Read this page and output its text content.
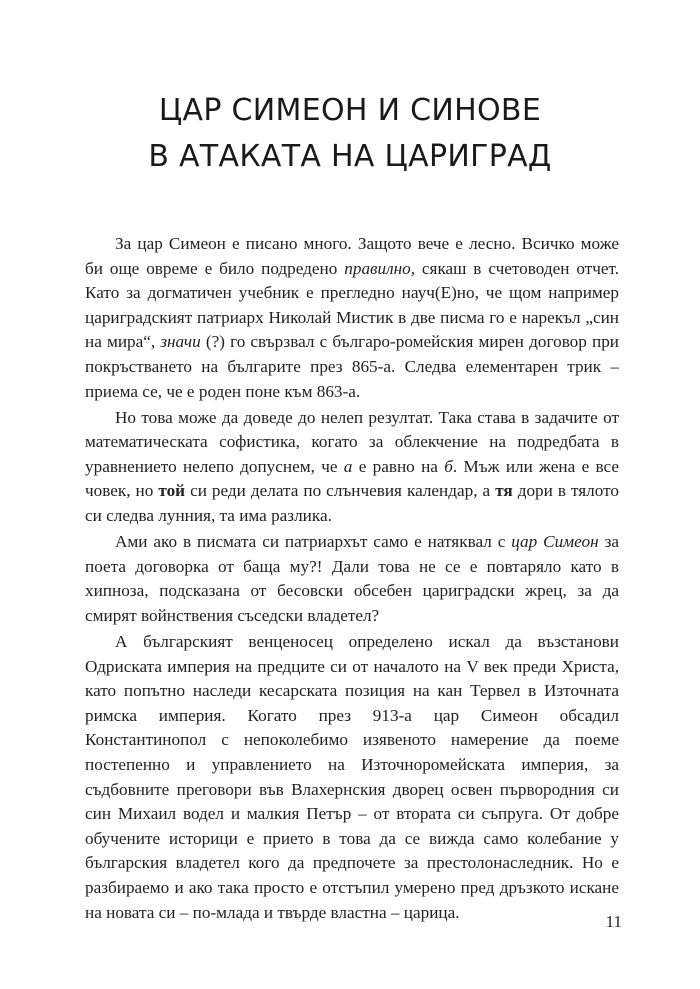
ЦАР СИМЕОН И СИНОВЕ
В АТАКАТА НА ЦАРИГРАД

За цар Симеон е писано много. Защото вече е лесно. Всичко може би още овреме е било подредено правилно, сякаш в счетоводен отчет. Като за догматичен учебник е прегледно науч(Е)но, че щом например цариградският патриарх Николай Мистик в две писма го е нарекъл „син на мира“, значи (?) го свързвал с българо-ромейския мирен договор при покръстването на българите през 865-а. Следва елементарен трик – приема се, че е роден поне към 863-а.

Но това може да доведе до нелеп резултат. Така става в задачите от математическата софистика, когато за облекчение на подредбата в уравнението нелепо допуснем, че а е равно на б. Мъж или жена е все човек, но той си реди делата по слънчевия календар, а тя дори в тялото си следва лунния, та има разлика.

Ами ако в писмата си патриархът само е натяквал с цар Симеон за поета договорка от баща му?! Дали това не се е повтаряло като в хипноза, подсказана от бесовски обсебен цариградски жрец, за да смирят войнствения съседски владетел?

А българският венценосец определено искал да възстанови Одриската империя на предците си от началото на V век преди Христа, като попътно наследи кесарската позиция на кан Тервел в Източната римска империя. Когато през 913-а цар Симеон обсадил Константинопол с непоколебимо изявеното намерение да поеме постепенно и управлението на Източноромейската империя, за съдбовните преговори във Влахернския дворец освен първородния си син Михаил водел и малкия Петър – от втората си съпруга. От добре обучените историци е прието в това да се вижда само колебание у българския владетел кого да предпочете за престолонаследник. Но е разбираемо и ако така просто е отстъпил умерено пред дръзкото искане на новата си – по-млада и твърде властна – царица.	11
